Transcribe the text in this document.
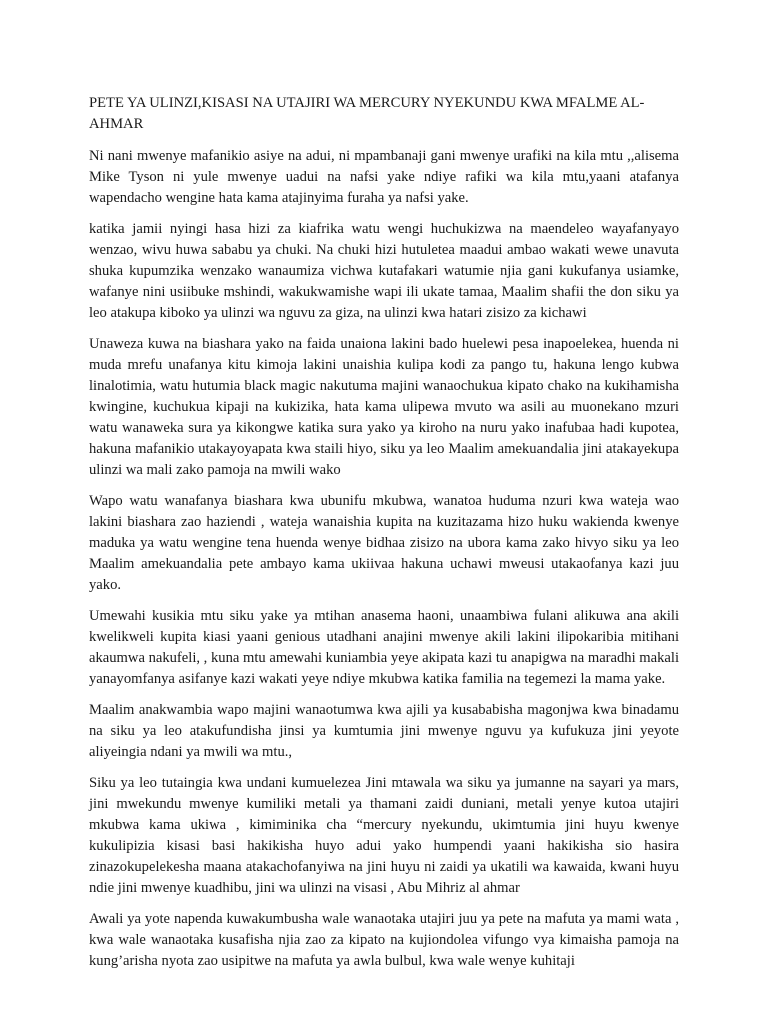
PETE YA ULINZI,KISASI NA UTAJIRI WA MERCURY NYEKUNDU KWA MFALME AL-AHMAR

Ni nani mwenye mafanikio asiye na adui, ni mpambanaji gani mwenye urafiki na kila mtu ,,alisema Mike Tyson ni yule mwenye uadui na nafsi yake ndiye rafiki wa kila mtu,yaani atafanya wapendacho wengine hata kama atajinyima furaha ya nafsi yake.

katika jamii nyingi hasa hizi za kiafrika watu wengi huchukizwa na maendeleo wayafanyayo wenzao, wivu huwa sababu ya chuki. Na chuki hizi hutuletea maadui ambao wakati wewe unavuta shuka kupumzika wenzako wanaumiza vichwa kutafakari watumie njia gani kukufanya usiamke, wafanye nini usiibuke mshindi, wakukwamishe wapi ili ukate tamaa, Maalim shafii the don siku ya leo atakupa kiboko ya ulinzi wa nguvu za giza, na ulinzi kwa hatari zisizo za kichawi

Unaweza kuwa na biashara yako na faida unaiona lakini bado huelewi pesa inapoelekea, huenda ni muda mrefu unafanya kitu kimoja lakini unaishia kulipa kodi za pango tu, hakuna lengo kubwa linalotimia, watu hutumia black magic nakutuma majini wanaochukua kipato chako na kukihamisha kwingine, kuchukua kipaji na kukizika, hata kama ulipewa mvuto wa asili au muonekano mzuri watu wanaweka sura ya kikongwe katika sura yako ya kiroho na nuru yako inafubaa hadi kupotea, hakuna mafanikio utakayoyapata kwa staili hiyo, siku ya leo Maalim amekuandalia jini atakayekupa ulinzi wa mali zako pamoja na mwili wako

Wapo watu wanafanya biashara kwa ubunifu mkubwa, wanatoa huduma nzuri kwa wateja wao lakini biashara zao haziendi , wateja wanaishia kupita na kuzitazama hizo huku wakienda kwenye maduka ya watu wengine tena huenda wenye bidhaa zisizo na ubora kama zako hivyo siku ya leo Maalim amekuandalia pete ambayo kama ukiivaa hakuna uchawi mweusi utakaofanya kazi juu yako.

Umewahi kusikia mtu siku yake ya mtihan anasema haoni, unaambiwa fulani alikuwa ana akili kwelikweli kupita kiasi yaani genious utadhani anajini mwenye akili lakini ilipokaribia mitihani akaumwa nakufeli, , kuna mtu amewahi kuniambia yeye akipata kazi tu anapigwa na maradhi makali yanayomfanya asifanye kazi wakati yeye ndiye mkubwa katika familia na tegemezi la mama yake.

Maalim anakwambia wapo majini wanaotumwa kwa ajili ya kusababisha magonjwa kwa binadamu na siku ya leo atakufundisha jinsi ya kumtumia jini mwenye nguvu ya kufukuza jini yeyote aliyeingia ndani ya mwili wa mtu.,

Siku ya leo tutaingia kwa undani kumuelezea Jini mtawala wa siku ya jumanne na sayari ya mars, jini mwekundu mwenye kumiliki metali ya thamani zaidi duniani, metali yenye kutoa utajiri mkubwa kama ukiwa , kimiminika cha “mercury nyekundu, ukimtumia jini huyu kwenye kukulipizia kisasi basi hakikisha huyo adui yako humpendi yaani hakikisha sio hasira zinazokupelekesha maana atakachofanyiwa na jini huyu ni zaidi ya ukatili wa kawaida, kwani huyu ndie jini mwenye kuadhibu, jini wa ulinzi na visasi , Abu Mihriz al ahmar

Awali ya yote napenda kuwakumbusha wale wanaotaka utajiri juu ya pete na mafuta ya mami wata , kwa wale wanaotaka kusafisha njia zao za kipato na kujiondolea vifungo vya kimaisha pamoja na kung’arisha nyota zao usipitwe na mafuta ya awla bulbul, kwa wale wenye kuhitaji
